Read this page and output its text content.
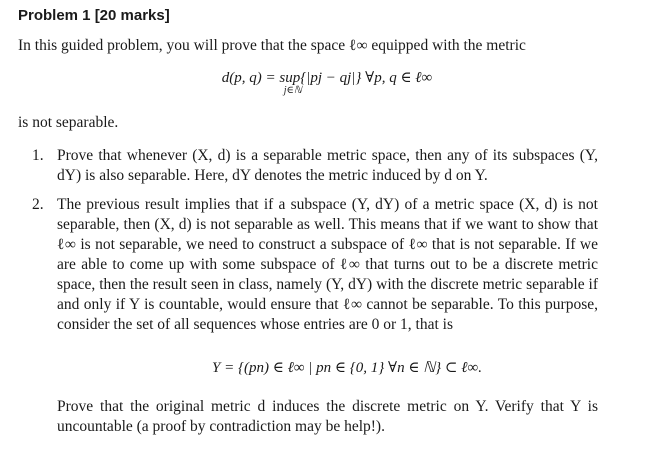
Problem 1 [20 marks]
In this guided problem, you will prove that the space ℓ∞ equipped with the metric
d(p, q) = sup{|pj − qj|} ∀p, q ∈ ℓ∞
j∈ℕ
is not separable.
1. Prove that whenever (X, d) is a separable metric space, then any of its subspaces (Y, dY) is also separable. Here, dY denotes the metric induced by d on Y.

2. The previous result implies that if a subspace (Y, dY) of a metric space (X, d) is not separable, then (X, d) is not separable as well. This means that if we want to show that ℓ∞ is not separable, we need to construct a subspace of ℓ∞ that is not separable. If we are able to come up with some subspace of ℓ∞ that turns out to be a discrete metric space, then the result seen in class, namely (Y, dY) with the discrete metric separable if and only if Y is countable, would ensure that ℓ∞ cannot be separable. To this purpose, consider the set of all sequences whose entries are 0 or 1, that is

Y = {(pn) ∈ ℓ∞ | pn ∈ {0, 1} ∀n ∈ ℕ} ⊂ ℓ∞.

Prove that the original metric d induces the discrete metric on Y. Verify that Y is uncountable (a proof by contradiction may be help!).
